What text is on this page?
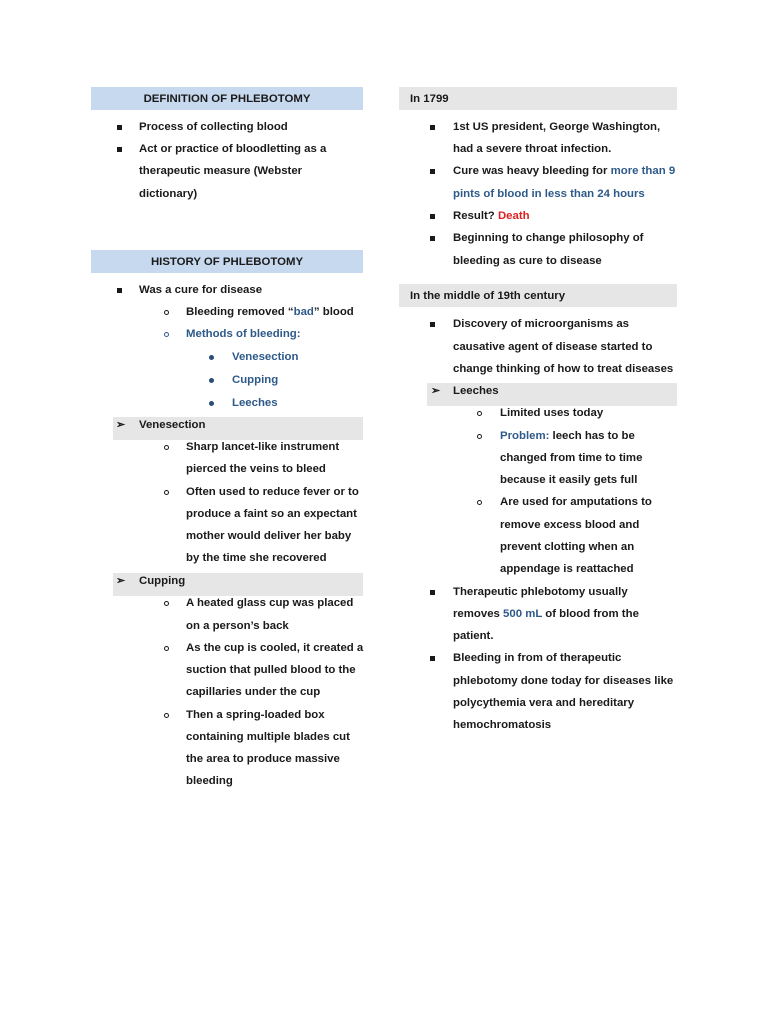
DEFINITION OF PHLEBOTOMY
Process of collecting blood
Act or practice of bloodletting as a
therapeutic measure (Webster
dictionary)
HISTORY OF PHLEBOTOMY
Was a cure for disease
Bleeding removed “bad” blood
Methods of bleeding:
Venesection
Cupping
Leeches
➢ Venesection
Sharp lancet-like instrument
pierced the veins to bleed
Often used to reduce fever or to
produce a faint so an expectant
mother would deliver her baby
by the time she recovered
➢ Cupping
A heated glass cup was placed
on a person’s back
As the cup is cooled, it created a
suction that pulled blood to the
capillaries under the cup
Then a spring-loaded box
containing multiple blades cut
the area to produce massive
bleeding
In 1799
1st US president, George Washington,
had a severe throat infection.
Cure was heavy bleeding for more than 9
pints of blood in less than 24 hours
Result? Death
Beginning to change philosophy of
bleeding as cure to disease
In the middle of 19th century
Discovery of microorganisms as
causative agent of disease started to
change thinking of how to treat diseases
➢ Leeches
Limited uses today
Problem: leech has to be
changed from time to time
because it easily gets full
Are used for amputations to
remove excess blood and
prevent clotting when an
appendage is reattached
Therapeutic phlebotomy usually
removes 500 mL of blood from the
patient.
Bleeding in from of therapeutic
phlebotomy done today for diseases like
polycythemia vera and hereditary
hemochromatosis
